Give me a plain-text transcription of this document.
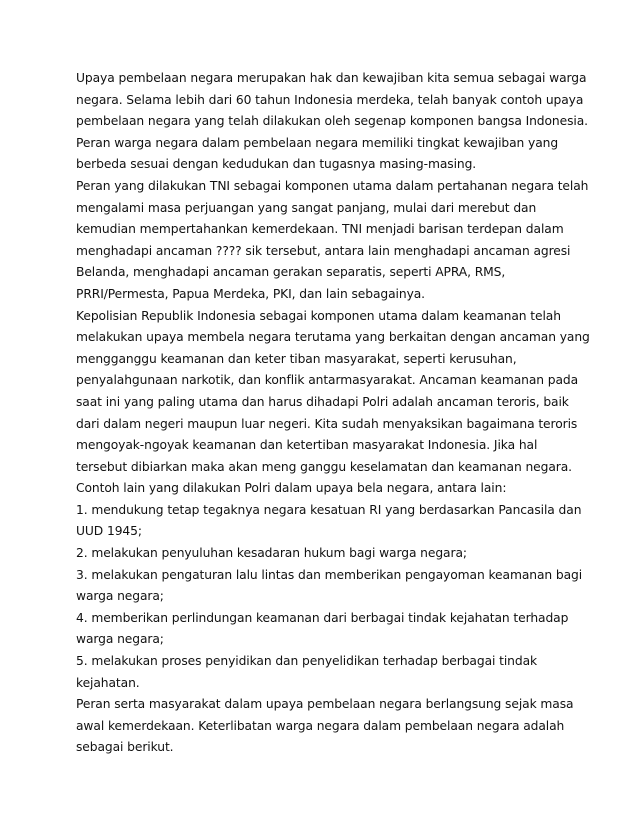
Upaya pembelaan negara merupakan hak dan kewajiban kita semua sebagai warga

negara. Selama lebih dari 60 tahun Indonesia merdeka, telah banyak contoh upaya

pembelaan negara yang telah dilakukan oleh segenap komponen bangsa Indonesia.

Peran warga negara dalam pembelaan negara memiliki tingkat kewajiban yang

berbeda sesuai dengan kedudukan dan tugasnya masing-masing.

Peran yang dilakukan TNI sebagai komponen utama dalam pertahanan negara telah

mengalami masa perjuangan yang sangat panjang, mulai dari merebut dan

kemudian mempertahankan kemerdekaan. TNI menjadi barisan terdepan dalam

menghadapi ancaman ???? sik tersebut, antara lain menghadapi ancaman agresi

Belanda, menghadapi ancaman gerakan separatis, seperti APRA, RMS,

PRRI/Permesta, Papua Merdeka, PKI, dan lain sebagainya.

Kepolisian Republik Indonesia sebagai komponen utama dalam keamanan telah

melakukan upaya membela negara terutama yang berkaitan dengan ancaman yang

mengganggu keamanan dan keter tiban masyarakat, seperti kerusuhan,

penyalahgunaan narkotik, dan konflik antarmasyarakat. Ancaman keamanan pada

saat ini yang paling utama dan harus dihadapi Polri adalah ancaman teroris, baik

dari dalam negeri maupun luar negeri. Kita sudah menyaksikan bagaimana teroris

mengoyak-ngoyak keamanan dan ketertiban masyarakat Indonesia. Jika hal

tersebut dibiarkan maka akan meng ganggu keselamatan dan keamanan negara.

Contoh lain yang dilakukan Polri dalam upaya bela negara, antara lain:

1. mendukung tetap tegaknya negara kesatuan RI yang berdasarkan Pancasila dan

UUD 1945;

2. melakukan penyuluhan kesadaran hukum bagi warga negara;

3. melakukan pengaturan lalu lintas dan memberikan pengayoman keamanan bagi

warga negara;

4. memberikan perlindungan keamanan dari berbagai tindak kejahatan terhadap

warga negara;

5. melakukan proses penyidikan dan penyelidikan terhadap berbagai tindak

kejahatan.

Peran serta masyarakat dalam upaya pembelaan negara berlangsung sejak masa

awal kemerdekaan. Keterlibatan warga negara dalam pembelaan negara adalah

sebagai berikut.
